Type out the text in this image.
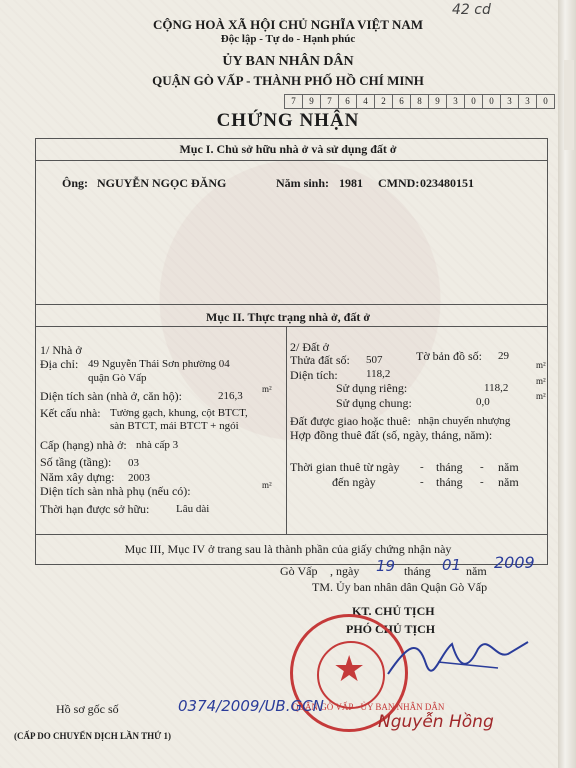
42 cd
CỘNG HOÀ XÃ HỘI CHỦ NGHĨA VIỆT NAM
Độc lập - Tự do - Hạnh phúc
ỦY BAN NHÂN DÂN
QUẬN GÒ VẤP - THÀNH PHỐ HỒ CHÍ MINH
7	9	7	6	4	2	6	8	9	3	0	0	3	3	0
CHỨNG NHẬN
Mục I. Chủ sở hữu nhà ở và sử dụng đất ở
Ông: NGUYỄN NGỌC ĐĂNG	Năm sinh: 1981 CMND: 023480151
Mục II. Thực trạng nhà ở, đất ở
1/ Nhà ở
Địa chỉ: 49 Nguyễn Thái Sơn phường 04
quận Gò Vấp
Diện tích sàn (nhà ở, căn hộ):	216,3
m²
Kết cấu nhà: Tường gạch, khung, cột BTCT,
sàn BTCT, mái BTCT + ngói
Cấp (hạng) nhà ở: nhà cấp 3
Số tầng (tầng): 03
Năm xây dựng: 2003
Diện tích sàn nhà phụ (nếu có):	m²
Thời hạn được sở hữu: Lâu dài
2/ Đất ở
Thửa đất số: 507	Tờ bản đồ số: 29
Diện tích:	118,2
m²
Sử dụng riêng:	118,2
m²
Sử dụng chung:	0,0	m²
Đất được giao hoặc thuê: nhận chuyển nhượng
Hợp đồng thuê đất (số, ngày, tháng, năm):
Thời gian thuê từ ngày - tháng - năm
đến ngày	- tháng - năm
Mục III, Mục IV ở trang sau là thành phần của giấy chứng nhận này
Gò Vấp , ngày 19 tháng 01 năm 2009
TM. Ủy ban nhân dân Quận Gò Vấp
KT. CHỦ TỊCH
PHÓ CHỦ TỊCH
★
QUẬN GÒ VẤP · ỦY BAN NHÂN DÂN
Nguyễn Hồng
Hồ sơ gốc số	0374/2009/UB.GCN
(CẤP DO CHUYỂN DỊCH LẦN THỨ 1)
